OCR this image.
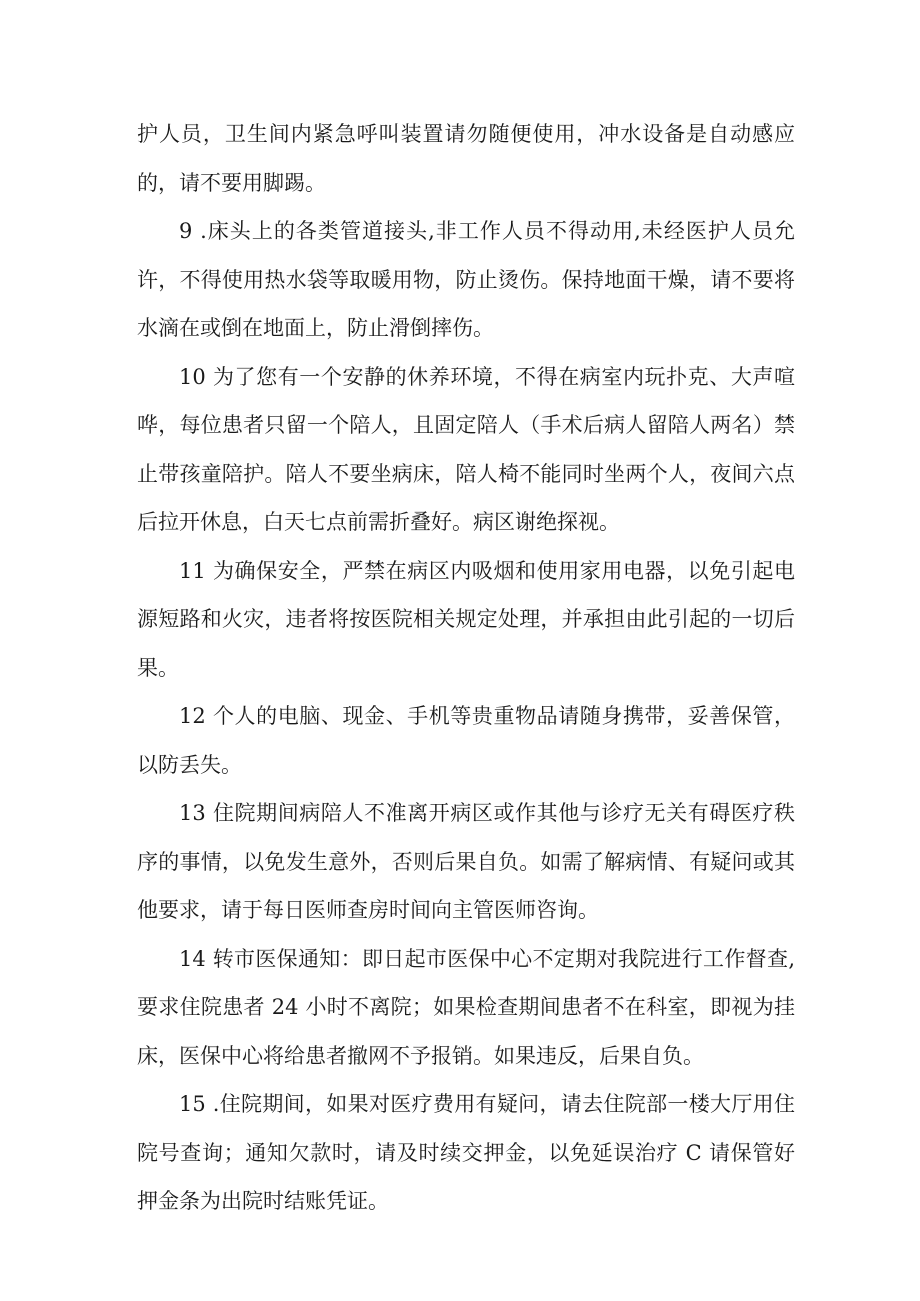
护人员，卫生间内紧急呼叫装置请勿随便使用，冲水设备是自动感应的，请不要用脚踢。

9 .床头上的各类管道接头,非工作人员不得动用,未经医护人员允许，不得使用热水袋等取暖用物，防止烫伤。保持地面干燥，请不要将水滴在或倒在地面上，防止滑倒摔伤。

10 为了您有一个安静的休养环境，不得在病室内玩扑克、大声喧哗，每位患者只留一个陪人，且固定陪人（手术后病人留陪人两名）禁止带孩童陪护。陪人不要坐病床，陪人椅不能同时坐两个人，夜间六点后拉开休息，白天七点前需折叠好。病区谢绝探视。

11 为确保安全，严禁在病区内吸烟和使用家用电器，以免引起电源短路和火灾，违者将按医院相关规定处理，并承担由此引起的一切后果。

12 个人的电脑、现金、手机等贵重物品请随身携带，妥善保管，以防丢失。

13 住院期间病陪人不准离开病区或作其他与诊疗无关有碍医疗秩序的事情，以免发生意外，否则后果自负。如需了解病情、有疑问或其他要求，请于每日医师查房时间向主管医师咨询。

14 转市医保通知：即日起市医保中心不定期对我院进行工作督查,要求住院患者 24 小时不离院；如果检查期间患者不在科室，即视为挂床，医保中心将给患者撤网不予报销。如果违反，后果自负。

15 .住院期间，如果对医疗费用有疑问，请去住院部一楼大厅用住院号查询；通知欠款时，请及时续交押金，以免延误治疗 C 请保管好押金条为出院时结账凭证。
